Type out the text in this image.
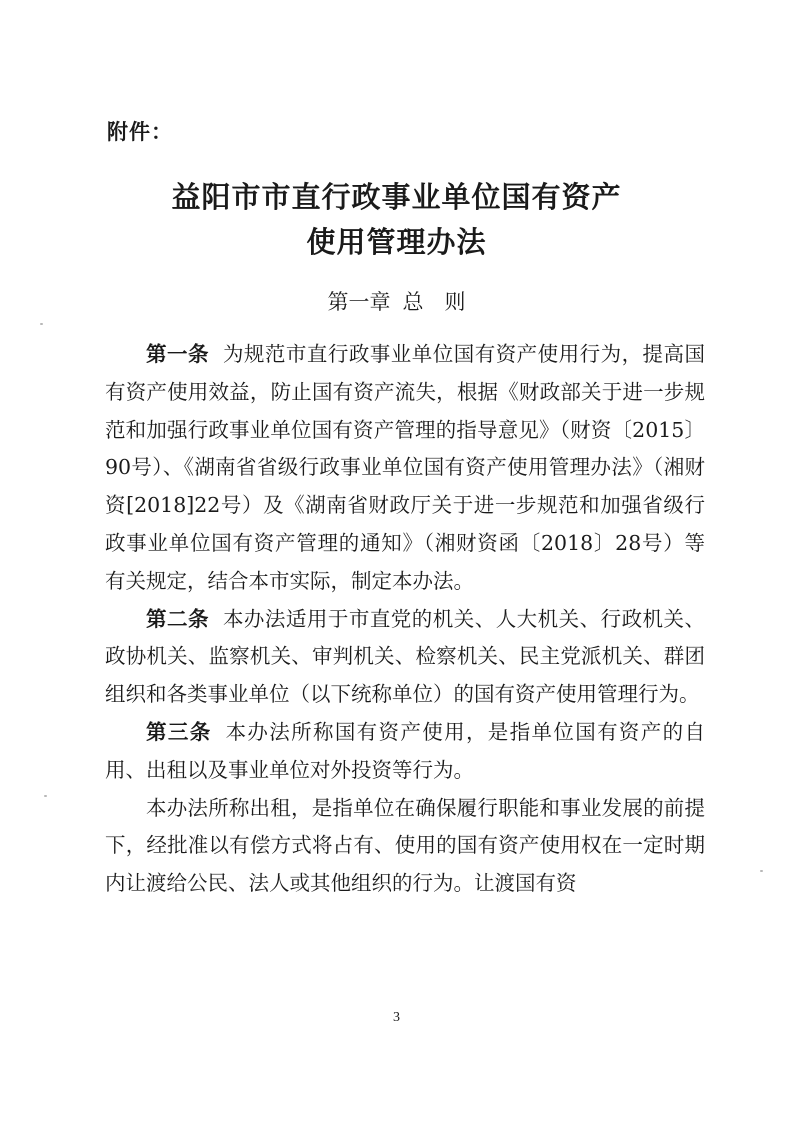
附件：
益阳市市直行政事业单位国有资产
使用管理办法
第一章 总　则

第一条 为规范市直行政事业单位国有资产使用行为，提高国有资产使用效益，防止国有资产流失，根据《财政部关于进一步规范和加强行政事业单位国有资产管理的指导意见》（财资〔2015〕90号）、《湖南省省级行政事业单位国有资产使用管理办法》（湘财资[2018]22号）及《湖南省财政厅关于进一步规范和加强省级行政事业单位国有资产管理的通知》（湘财资函〔2018〕28号）等有关规定，结合本市实际，制定本办法。

第二条 本办法适用于市直党的机关、人大机关、行政机关、政协机关、监察机关、审判机关、检察机关、民主党派机关、群团组织和各类事业单位（以下统称单位）的国有资产使用管理行为。

第三条 本办法所称国有资产使用，是指单位国有资产的自用、出租以及事业单位对外投资等行为。

本办法所称出租，是指单位在确保履行职能和事业发展的前提下，经批准以有偿方式将占有、使用的国有资产使用权在一定时期内让渡给公民、法人或其他组织的行为。让渡国有资

3
